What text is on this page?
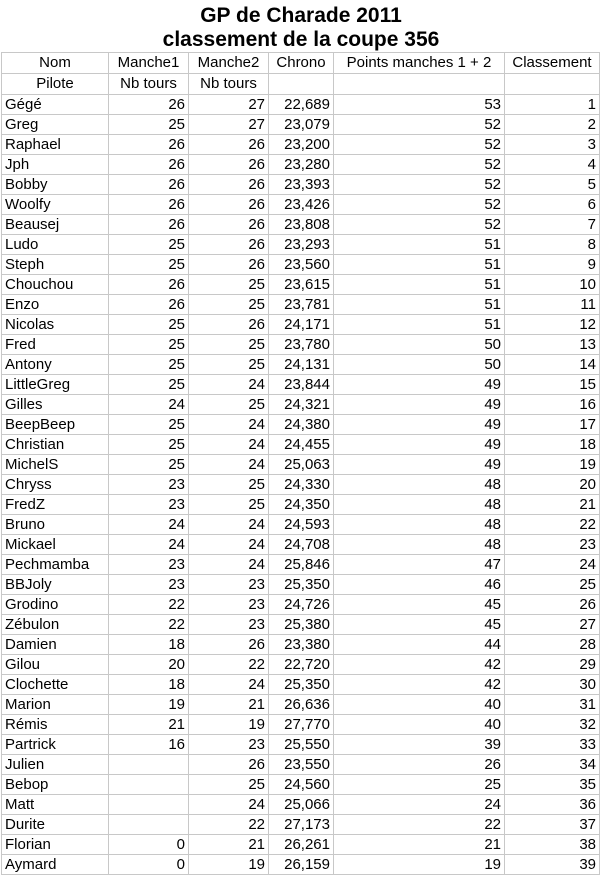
GP de Charade 2011
classement de la coupe 356
Nom	Manche1	Manche2	Chrono	Points manches 1 + 2	Classement
Pilote	Nb tours	Nb tours			
Gégé	26	27	22,689	53	1
Greg	25	27	23,079	52	2
Raphael	26	26	23,200	52	3
Jph	26	26	23,280	52	4
Bobby	26	26	23,393	52	5
Woolfy	26	26	23,426	52	6
Beausej	26	26	23,808	52	7
Ludo	25	26	23,293	51	8
Steph	25	26	23,560	51	9
Chouchou	26	25	23,615	51	10
Enzo	26	25	23,781	51	11
Nicolas	25	26	24,171	51	12
Fred	25	25	23,780	50	13
Antony	25	25	24,131	50	14
LittleGreg	25	24	23,844	49	15
Gilles	24	25	24,321	49	16
BeepBeep	25	24	24,380	49	17
Christian	25	24	24,455	49	18
MichelS	25	24	25,063	49	19
Chryss	23	25	24,330	48	20
FredZ	23	25	24,350	48	21
Bruno	24	24	24,593	48	22
Mickael	24	24	24,708	48	23
Pechmamba	23	24	25,846	47	24
BBJoly	23	23	25,350	46	25
Grodino	22	23	24,726	45	26
Zébulon	22	23	25,380	45	27
Damien	18	26	23,380	44	28
Gilou	20	22	22,720	42	29
Clochette	18	24	25,350	42	30
Marion	19	21	26,636	40	31
Rémis	21	19	27,770	40	32
Partrick	16	23	25,550	39	33
Julien		26	23,550	26	34
Bebop		25	24,560	25	35
Matt		24	25,066	24	36
Durite		22	27,173	22	37
Florian	0	21	26,261	21	38
Aymard	0	19	26,159	19	39
